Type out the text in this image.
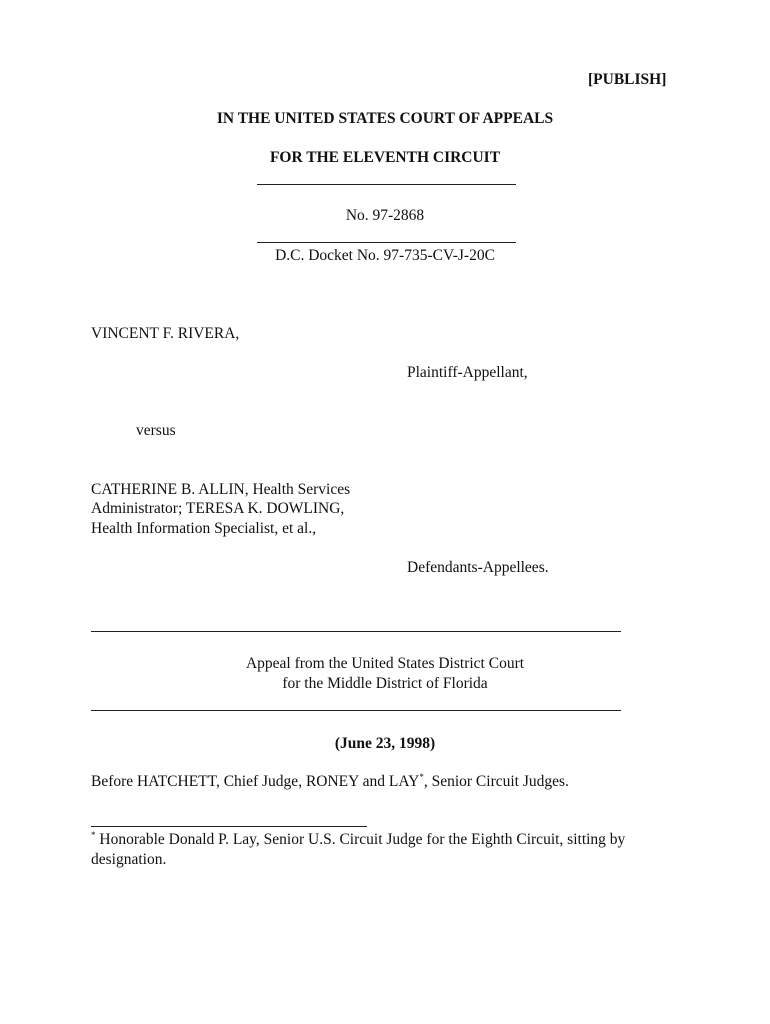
[PUBLISH]
IN THE UNITED STATES COURT OF APPEALS
FOR THE ELEVENTH CIRCUIT
No. 97-2868
D.C. Docket No. 97-735-CV-J-20C
VINCENT F. RIVERA,
Plaintiff-Appellant,
versus
CATHERINE B. ALLIN, Health Services
Administrator; TERESA K. DOWLING,
Health Information Specialist, et al.,
Defendants-Appellees.
Appeal from the United States District Court
for the Middle District of Florida
(June 23, 1998)
Before HATCHETT, Chief Judge, RONEY and LAY*, Senior Circuit Judges.
* Honorable Donald P. Lay, Senior U.S. Circuit Judge for the Eighth Circuit, sitting by
designation.
